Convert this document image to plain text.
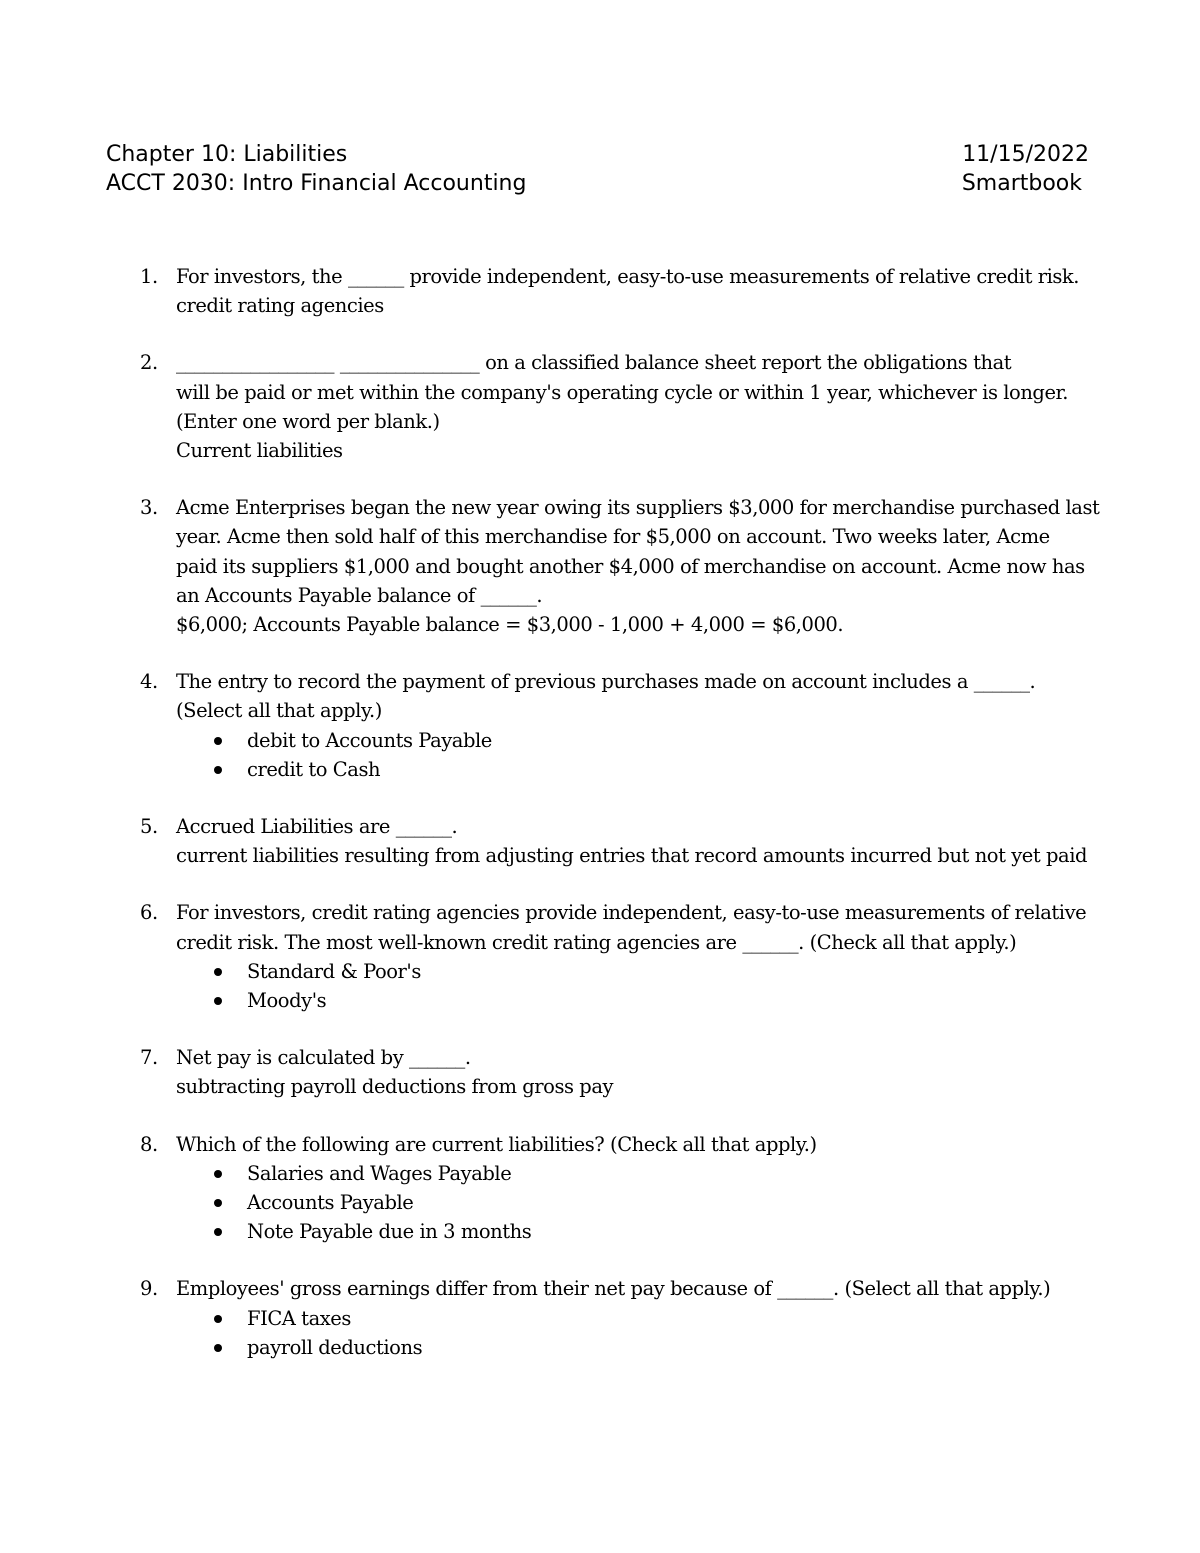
Chapter 10: Liabilities	11/15/2022
ACCT 2030: Intro Financial Accounting	Smartbook
1. For investors, the ______ provide independent, easy-to-use measurements of relative credit risk.
credit rating agencies
2. _________________ _______________ on a classified balance sheet report the obligations that
will be paid or met within the company's operating cycle or within 1 year, whichever is longer.
(Enter one word per blank.)
Current liabilities
3. Acme Enterprises began the new year owing its suppliers $3,000 for merchandise purchased last
year. Acme then sold half of this merchandise for $5,000 on account. Two weeks later, Acme
paid its suppliers $1,000 and bought another $4,000 of merchandise on account. Acme now has
an Accounts Payable balance of ______.
$6,000; Accounts Payable balance = $3,000 - 1,000 + 4,000 = $6,000.
4. The entry to record the payment of previous purchases made on account includes a ______.
(Select all that apply.)
debit to Accounts Payable
credit to Cash
5. Accrued Liabilities are ______.
current liabilities resulting from adjusting entries that record amounts incurred but not yet paid
6. For investors, credit rating agencies provide independent, easy-to-use measurements of relative
credit risk. The most well-known credit rating agencies are ______. (Check all that apply.)
Standard & Poor's
Moody's
7. Net pay is calculated by ______.
subtracting payroll deductions from gross pay
8. Which of the following are current liabilities? (Check all that apply.)
Salaries and Wages Payable
Accounts Payable
Note Payable due in 3 months
9. Employees' gross earnings differ from their net pay because of ______. (Select all that apply.)
FICA taxes
payroll deductions
